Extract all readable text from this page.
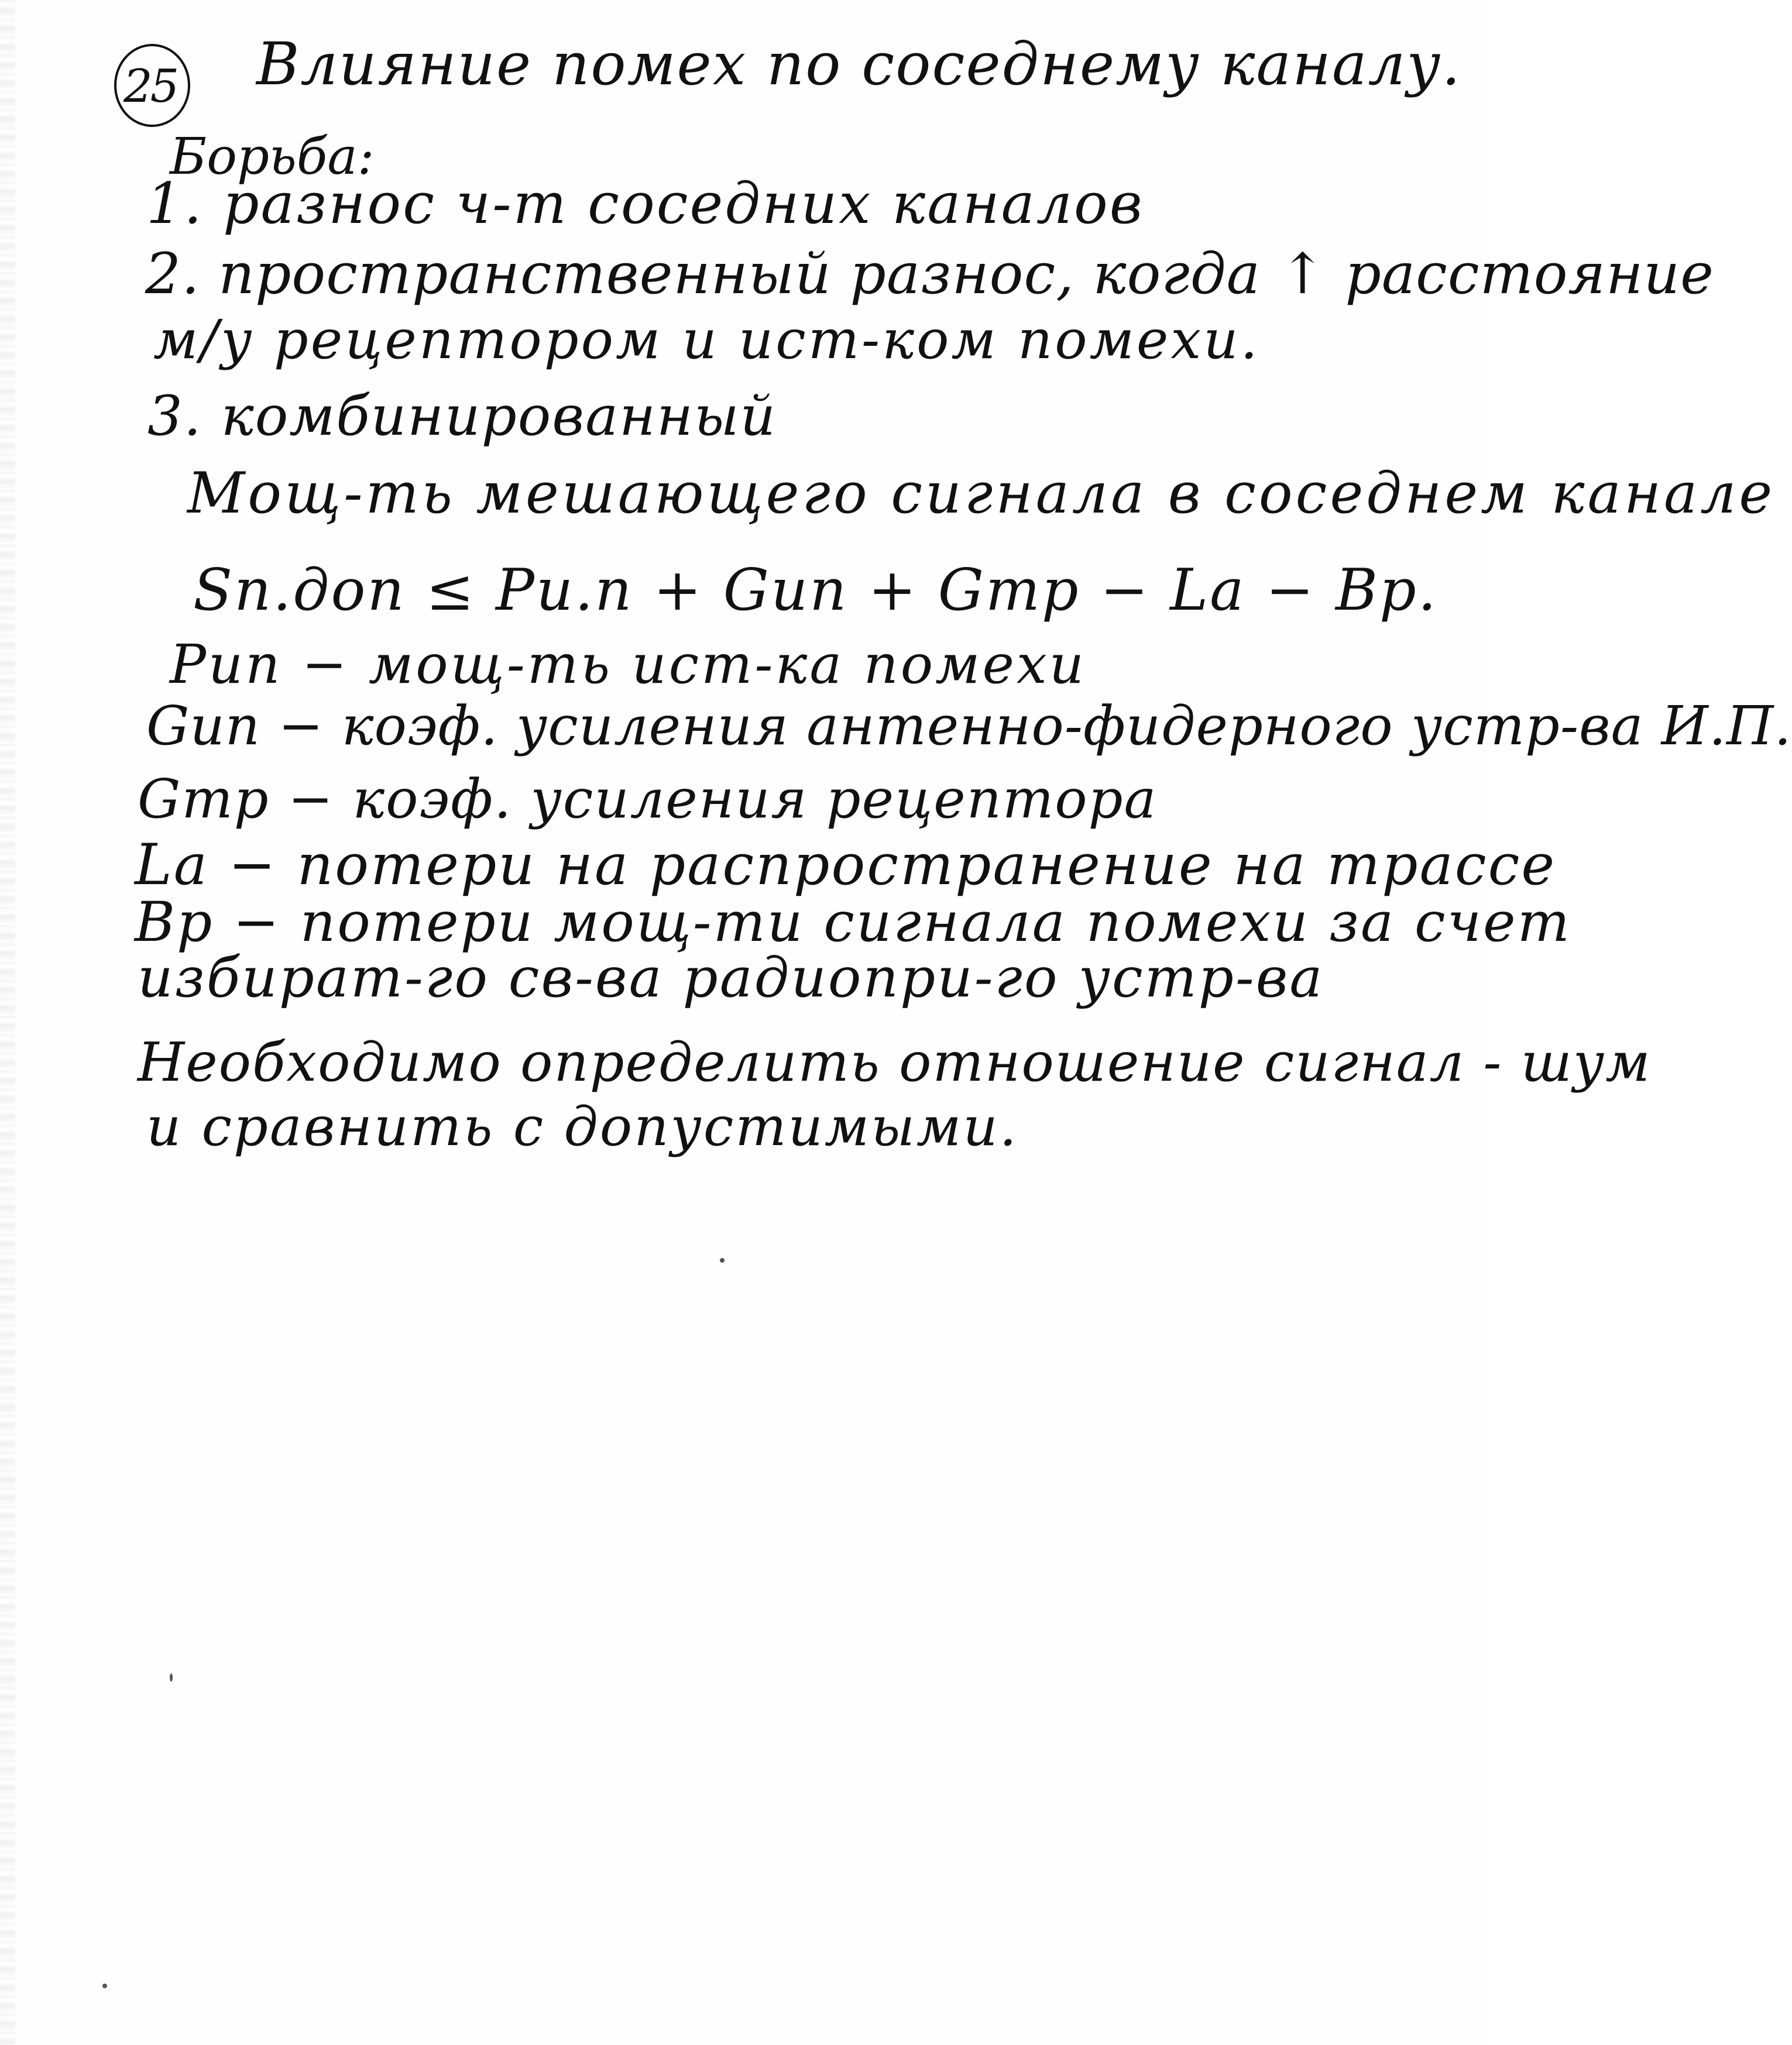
25 Влияние помех по соседнему каналу.
Борьба:
1. разнос ч-т соседних каналов
2. пространственный разнос, когда ↑ расстояние
м/у рецептором и ист-ком помехи.
3. комбинированный
Мощ-ть мешающего сигнала в соседнем канале
Sп.доп ≤ Pи.п + Gип + Gтр − Lа − Bр.
Pип − мощ-ть ист-ка помехи
Gип − коэф. усиления антенно-фидерного устр-ва И.П.
Gтр − коэф. усиления рецептора
Lа − потери на распространение на трассе
Bр − потери мощ-ти сигнала помехи за счет
избират-го св-ва радиопри-го устр-ва
Необходимо определить отношение сигнал - шум
и сравнить с допустимыми.
